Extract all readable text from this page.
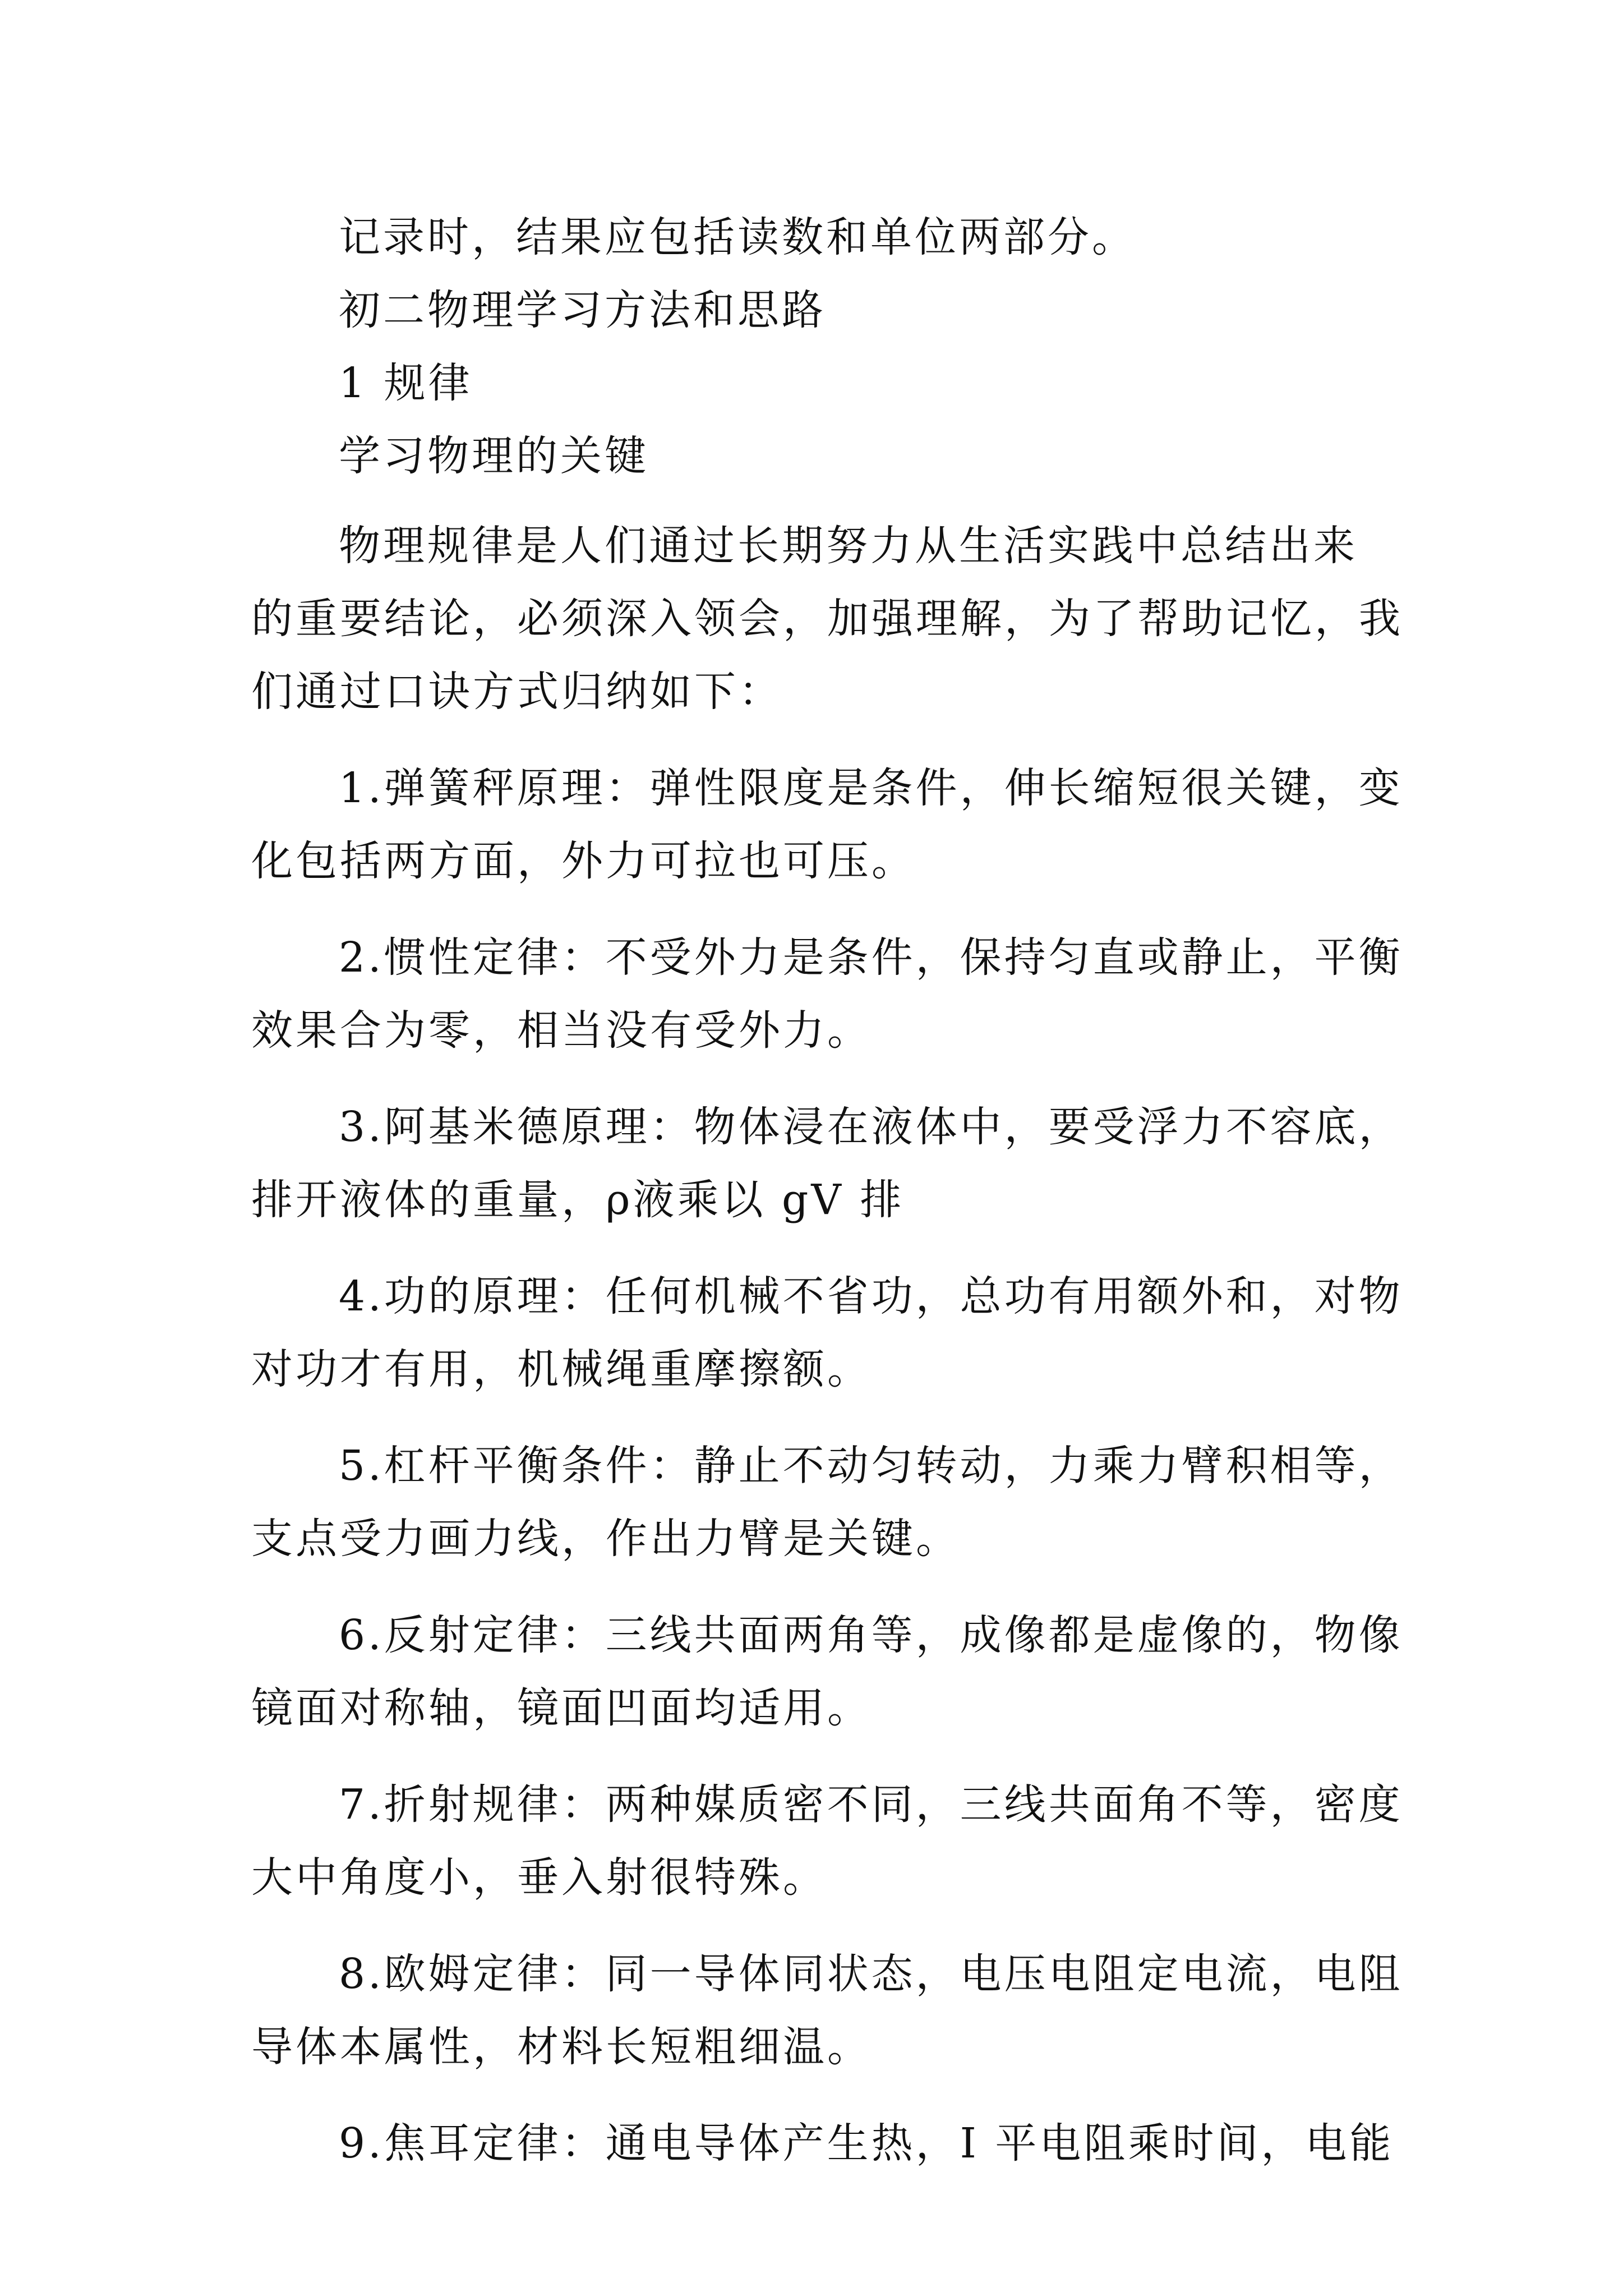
记录时，结果应包括读数和单位两部分。
初二物理学习方法和思路
1 规律
学习物理的关键
物理规律是人们通过长期努力从生活实践中总结出来
的重要结论，必须深入领会，加强理解，为了帮助记忆，我
们通过口诀方式归纳如下：
1.弹簧秤原理：弹性限度是条件，伸长缩短很关键，变
化包括两方面，外力可拉也可压。
2.惯性定律：不受外力是条件，保持匀直或静止，平衡
效果合为零，相当没有受外力。
3.阿基米德原理：物体浸在液体中，要受浮力不容底，
排开液体的重量，ρ液乘以 gV 排
4.功的原理：任何机械不省功，总功有用额外和，对物
对功才有用，机械绳重摩擦额。
5.杠杆平衡条件：静止不动匀转动，力乘力臂积相等，
支点受力画力线，作出力臂是关键。
6.反射定律：三线共面两角等，成像都是虚像的，物像
镜面对称轴，镜面凹面均适用。
7.折射规律：两种媒质密不同，三线共面角不等，密度
大中角度小，垂入射很特殊。
8.欧姆定律：同一导体同状态，电压电阻定电流，电阻
导体本属性，材料长短粗细温。
9.焦耳定律：通电导体产生热，I 平电阻乘时间，电能
